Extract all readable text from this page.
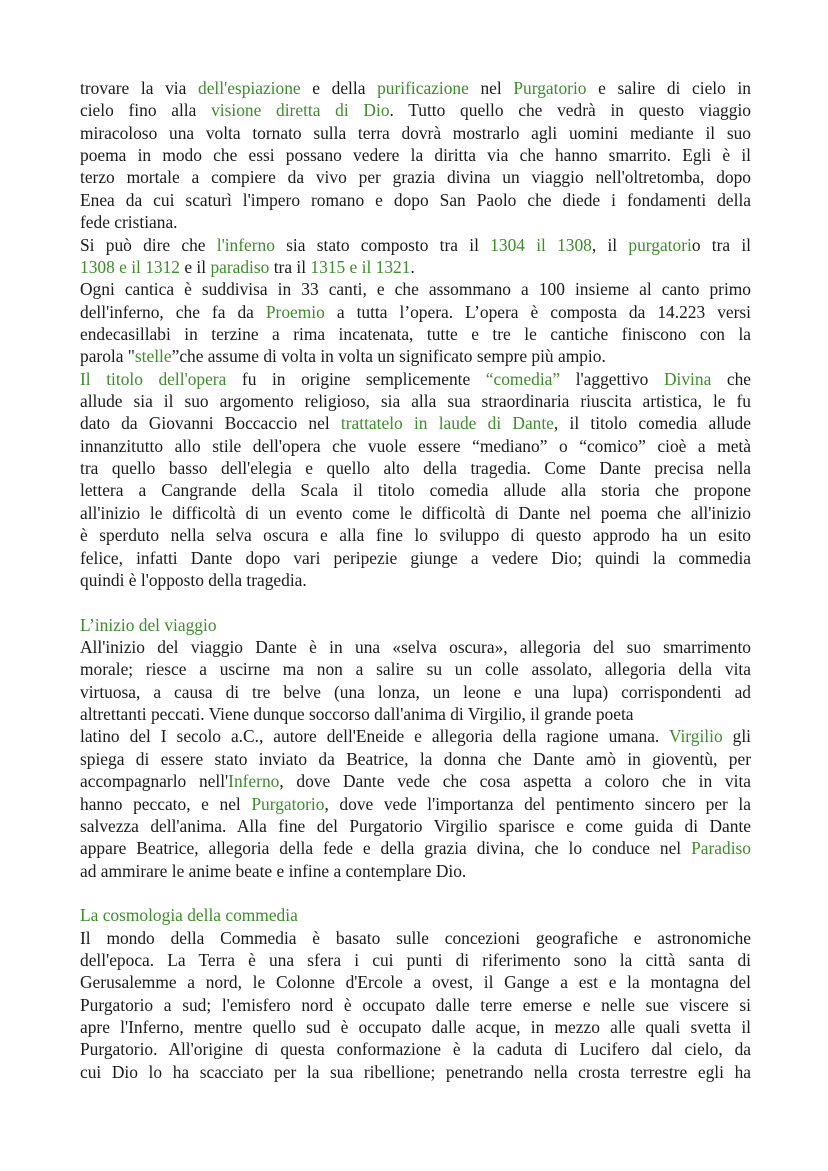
trovare la via dell'espiazione e della purificazione nel Purgatorio e salire di cielo in
cielo fino alla visione diretta di Dio. Tutto quello che vedrà in questo viaggio
miracoloso una volta tornato sulla terra dovrà mostrarlo agli uomini mediante il suo
poema in modo che essi possano vedere la diritta via che hanno smarrito. Egli è il
terzo mortale a compiere da vivo per grazia divina un viaggio nell'oltretomba, dopo
Enea da cui scaturì l'impero romano e dopo San Paolo che diede i fondamenti della
fede cristiana.
Si può dire che l'inferno sia stato composto tra il 1304 il 1308, il purgatorio tra il
1308 e il 1312 e il paradiso tra il 1315 e il 1321.
Ogni cantica è suddivisa in 33 canti, e che assommano a 100 insieme al canto primo
dell'inferno, che fa da Proemio a tutta l’opera. L’opera è composta da 14.223 versi
endecasillabi in terzine a rima incatenata, tutte e tre le cantiche finiscono con la
parola "stelle”che assume di volta in volta un significato sempre più ampio.
Il titolo dell'opera fu in origine semplicemente “comedia” l'aggettivo Divina che
allude sia il suo argomento religioso, sia alla sua straordinaria riuscita artistica, le fu
dato da Giovanni Boccaccio nel trattatelo in laude di Dante, il titolo comedia allude
innanzitutto allo stile dell'opera che vuole essere “mediano” o “comico” cioè a metà
tra quello basso dell'elegia e quello alto della tragedia. Come Dante precisa nella
lettera a Cangrande della Scala il titolo comedia allude alla storia che propone
all'inizio le difficoltà di un evento come le difficoltà di Dante nel poema che all'inizio
è sperduto nella selva oscura e alla fine lo sviluppo di questo approdo ha un esito
felice, infatti Dante dopo vari peripezie giunge a vedere Dio; quindi la commedia
quindi è l'opposto della tragedia.
L’inizio del viaggio
All'inizio del viaggio Dante è in una «selva oscura», allegoria del suo smarrimento
morale; riesce a uscirne ma non a salire su un colle assolato, allegoria della vita
virtuosa, a causa di tre belve (una lonza, un leone e una lupa) corrispondenti ad
altrettanti peccati. Viene dunque soccorso dall'anima di Virgilio, il grande poeta
latino del I secolo a.C., autore dell'Eneide e allegoria della ragione umana. Virgilio gli
spiega di essere stato inviato da Beatrice, la donna che Dante amò in gioventù, per
accompagnarlo nell'Inferno, dove Dante vede che cosa aspetta a coloro che in vita
hanno peccato, e nel Purgatorio, dove vede l'importanza del pentimento sincero per la
salvezza dell'anima. Alla fine del Purgatorio Virgilio sparisce e come guida di Dante
appare Beatrice, allegoria della fede e della grazia divina, che lo conduce nel Paradiso
ad ammirare le anime beate e infine a contemplare Dio.
La cosmologia della commedia
Il mondo della Commedia è basato sulle concezioni geografiche e astronomiche
dell'epoca. La Terra è una sfera i cui punti di riferimento sono la città santa di
Gerusalemme a nord, le Colonne d'Ercole a ovest, il Gange a est e la montagna del
Purgatorio a sud; l'emisfero nord è occupato dalle terre emerse e nelle sue viscere si
apre l'Inferno, mentre quello sud è occupato dalle acque, in mezzo alle quali svetta il
Purgatorio. All'origine di questa conformazione è la caduta di Lucifero dal cielo, da
cui Dio lo ha scacciato per la sua ribellione; penetrando nella crosta terrestre egli ha
